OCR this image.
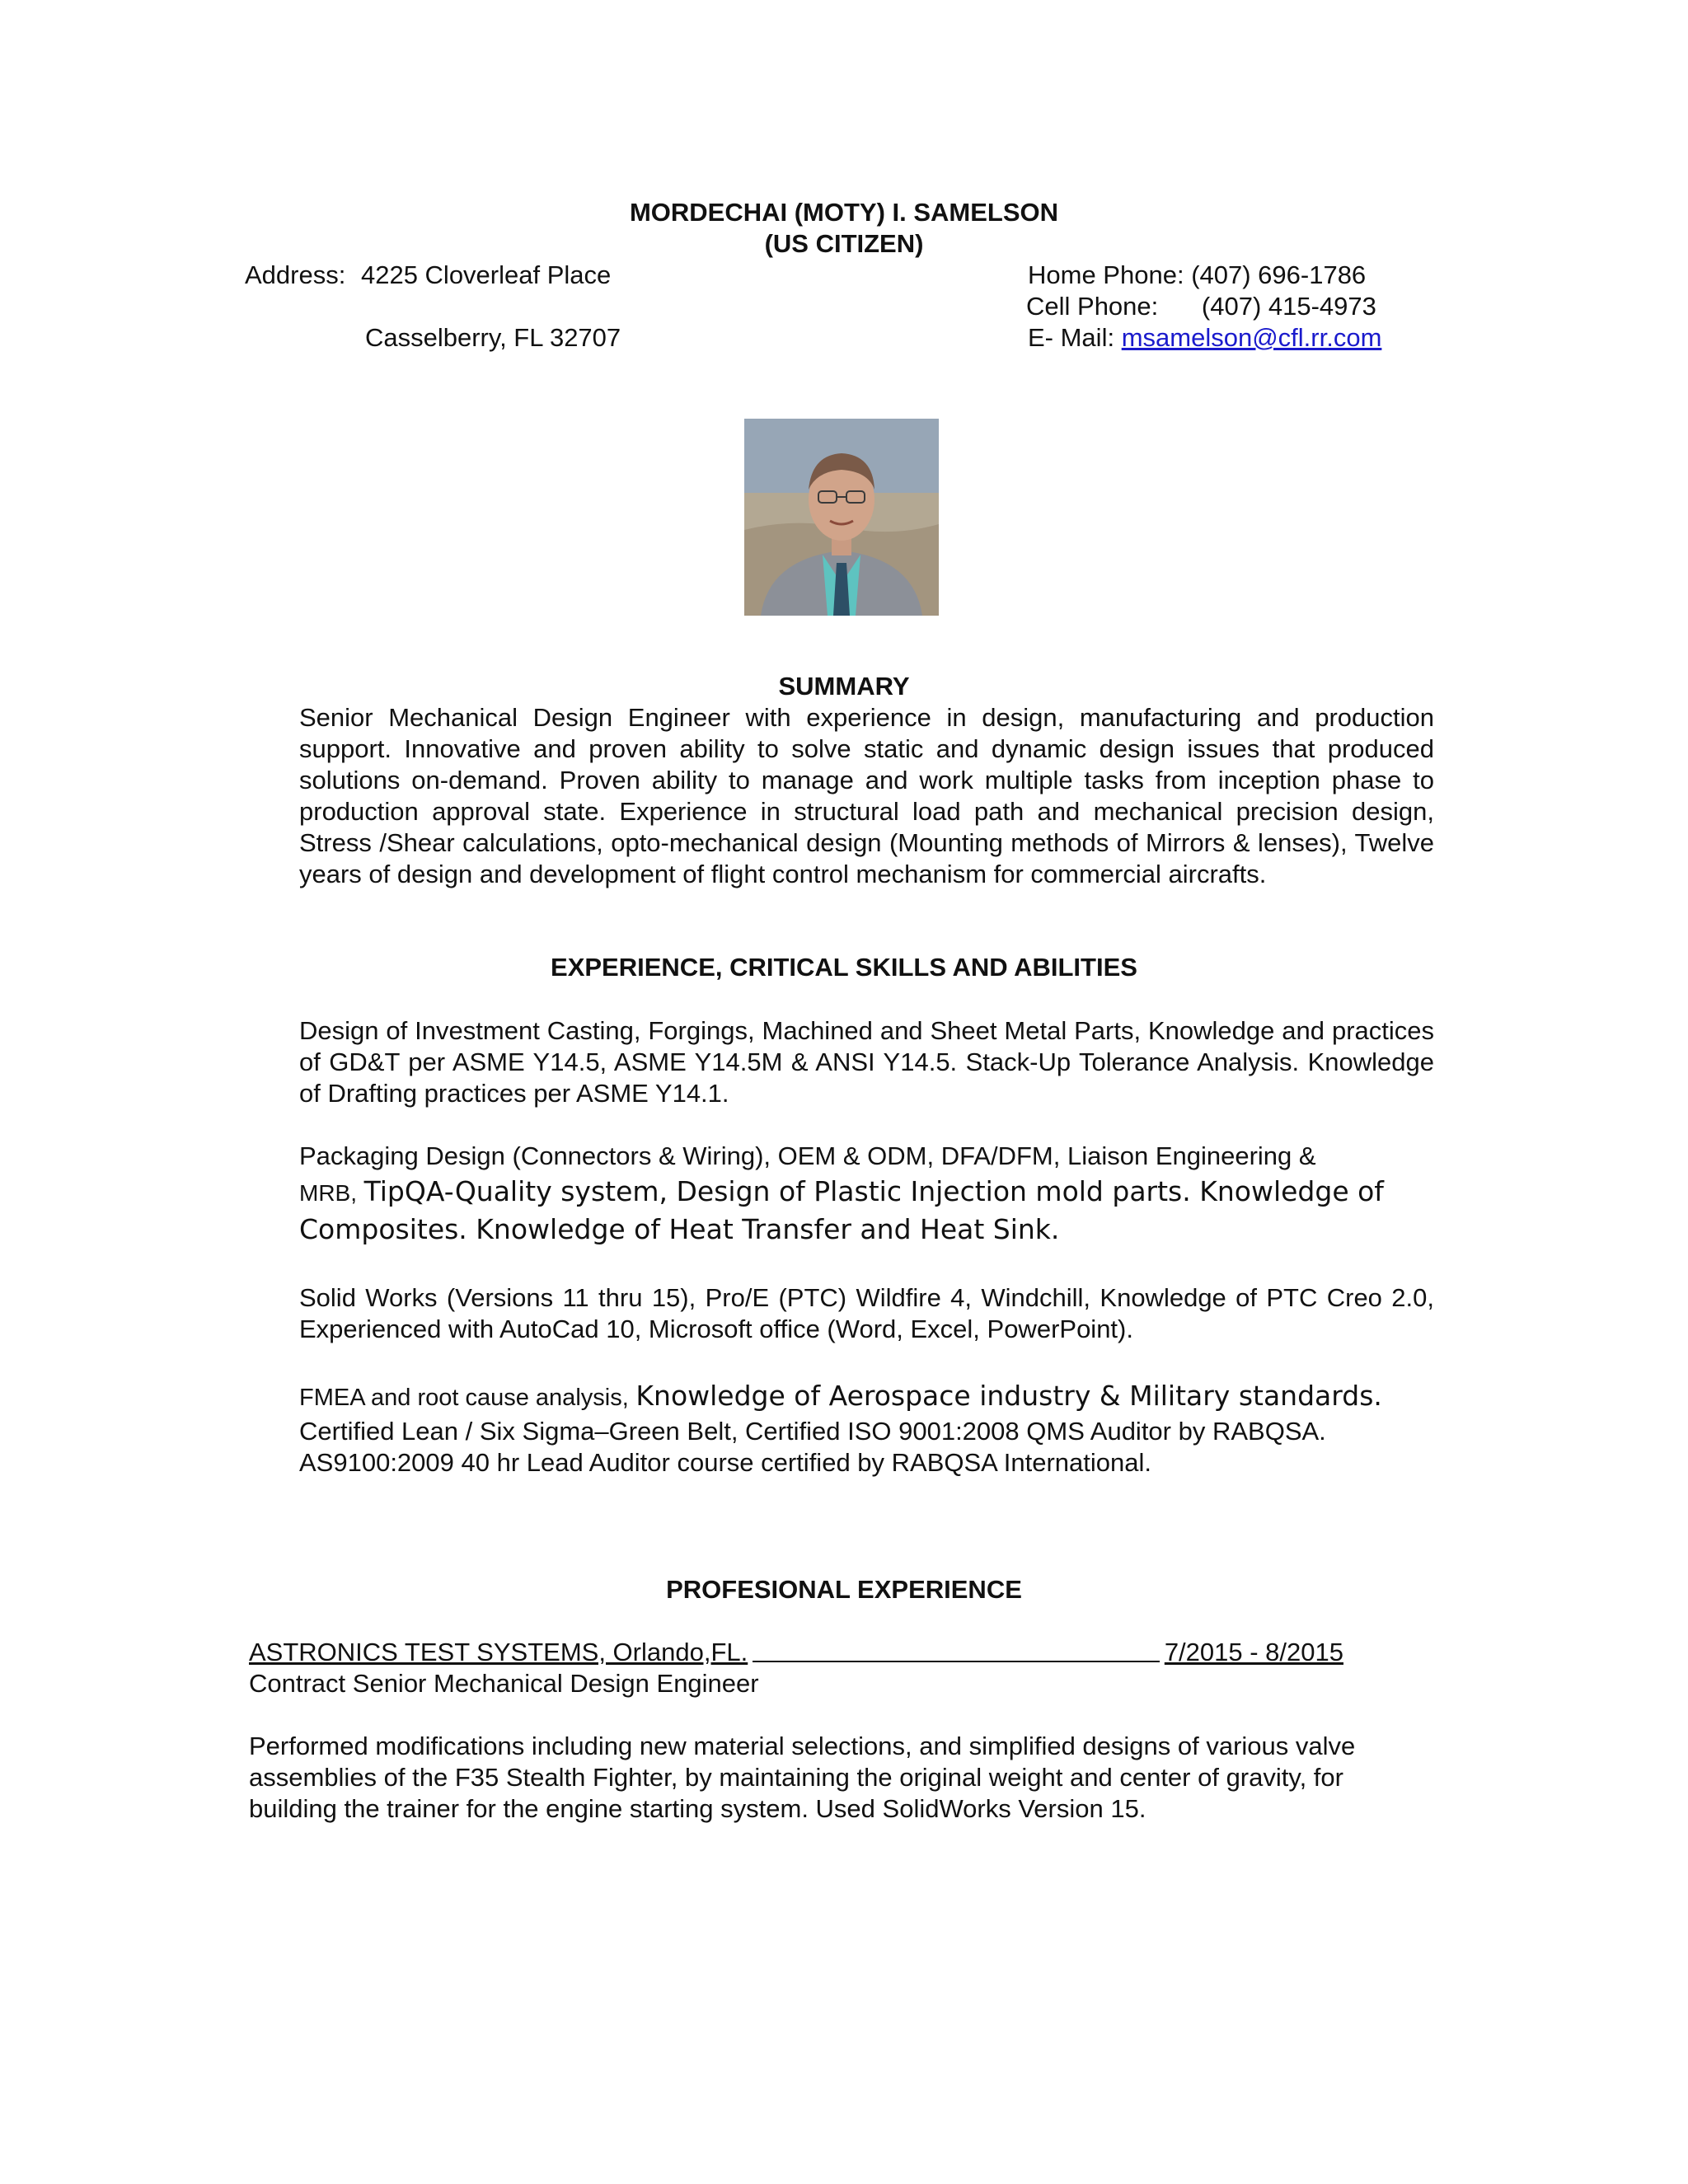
MORDECHAI (MOTY) I. SAMELSON
(US CITIZEN)
Address: 4225 Cloverleaf Place
Casselberry, FL 32707
Home Phone: (407) 696-1786
Cell Phone: (407) 415-4973
E- Mail: msamelson@cfl.rr.com
SUMMARY
Senior Mechanical Design Engineer with experience in design, manufacturing and production support. Innovative and proven ability to solve static and dynamic design issues that produced solutions on-demand. Proven ability to manage and work multiple tasks from inception phase to production approval state. Experience in structural load path and mechanical precision design, Stress /Shear calculations, opto-mechanical design (Mounting methods of Mirrors & lenses), Twelve years of design and development of flight control mechanism for commercial aircrafts.
EXPERIENCE, CRITICAL SKILLS AND ABILITIES
Design of Investment Casting, Forgings, Machined and Sheet Metal Parts, Knowledge and practices of GD&T per ASME Y14.5, ASME Y14.5M & ANSI Y14.5. Stack-Up Tolerance Analysis. Knowledge of Drafting practices per ASME Y14.1.
Packaging Design (Connectors & Wiring), OEM & ODM, DFA/DFM, Liaison Engineering &
MRB, TipQA-Quality system, Design of Plastic Injection mold parts. Knowledge of
Composites. Knowledge of Heat Transfer and Heat Sink.
Solid Works (Versions 11 thru 15), Pro/E (PTC) Wildfire 4, Windchill, Knowledge of PTC Creo 2.0, Experienced with AutoCad 10, Microsoft office (Word, Excel, PowerPoint).
FMEA and root cause analysis, Knowledge of Aerospace industry & Military standards.
Certified Lean / Six Sigma–Green Belt, Certified ISO 9001:2008 QMS Auditor by RABQSA.
AS9100:2009 40 hr Lead Auditor course certified by RABQSA International.
PROFESIONAL EXPERIENCE
ASTRONICS TEST SYSTEMS, Orlando,FL.	7/2015 - 8/2015
Contract Senior Mechanical Design Engineer
Performed modifications including new material selections, and simplified designs of various valve assemblies of the F35 Stealth Fighter, by maintaining the original weight and center of gravity, for building the trainer for the engine starting system. Used SolidWorks Version 15.
